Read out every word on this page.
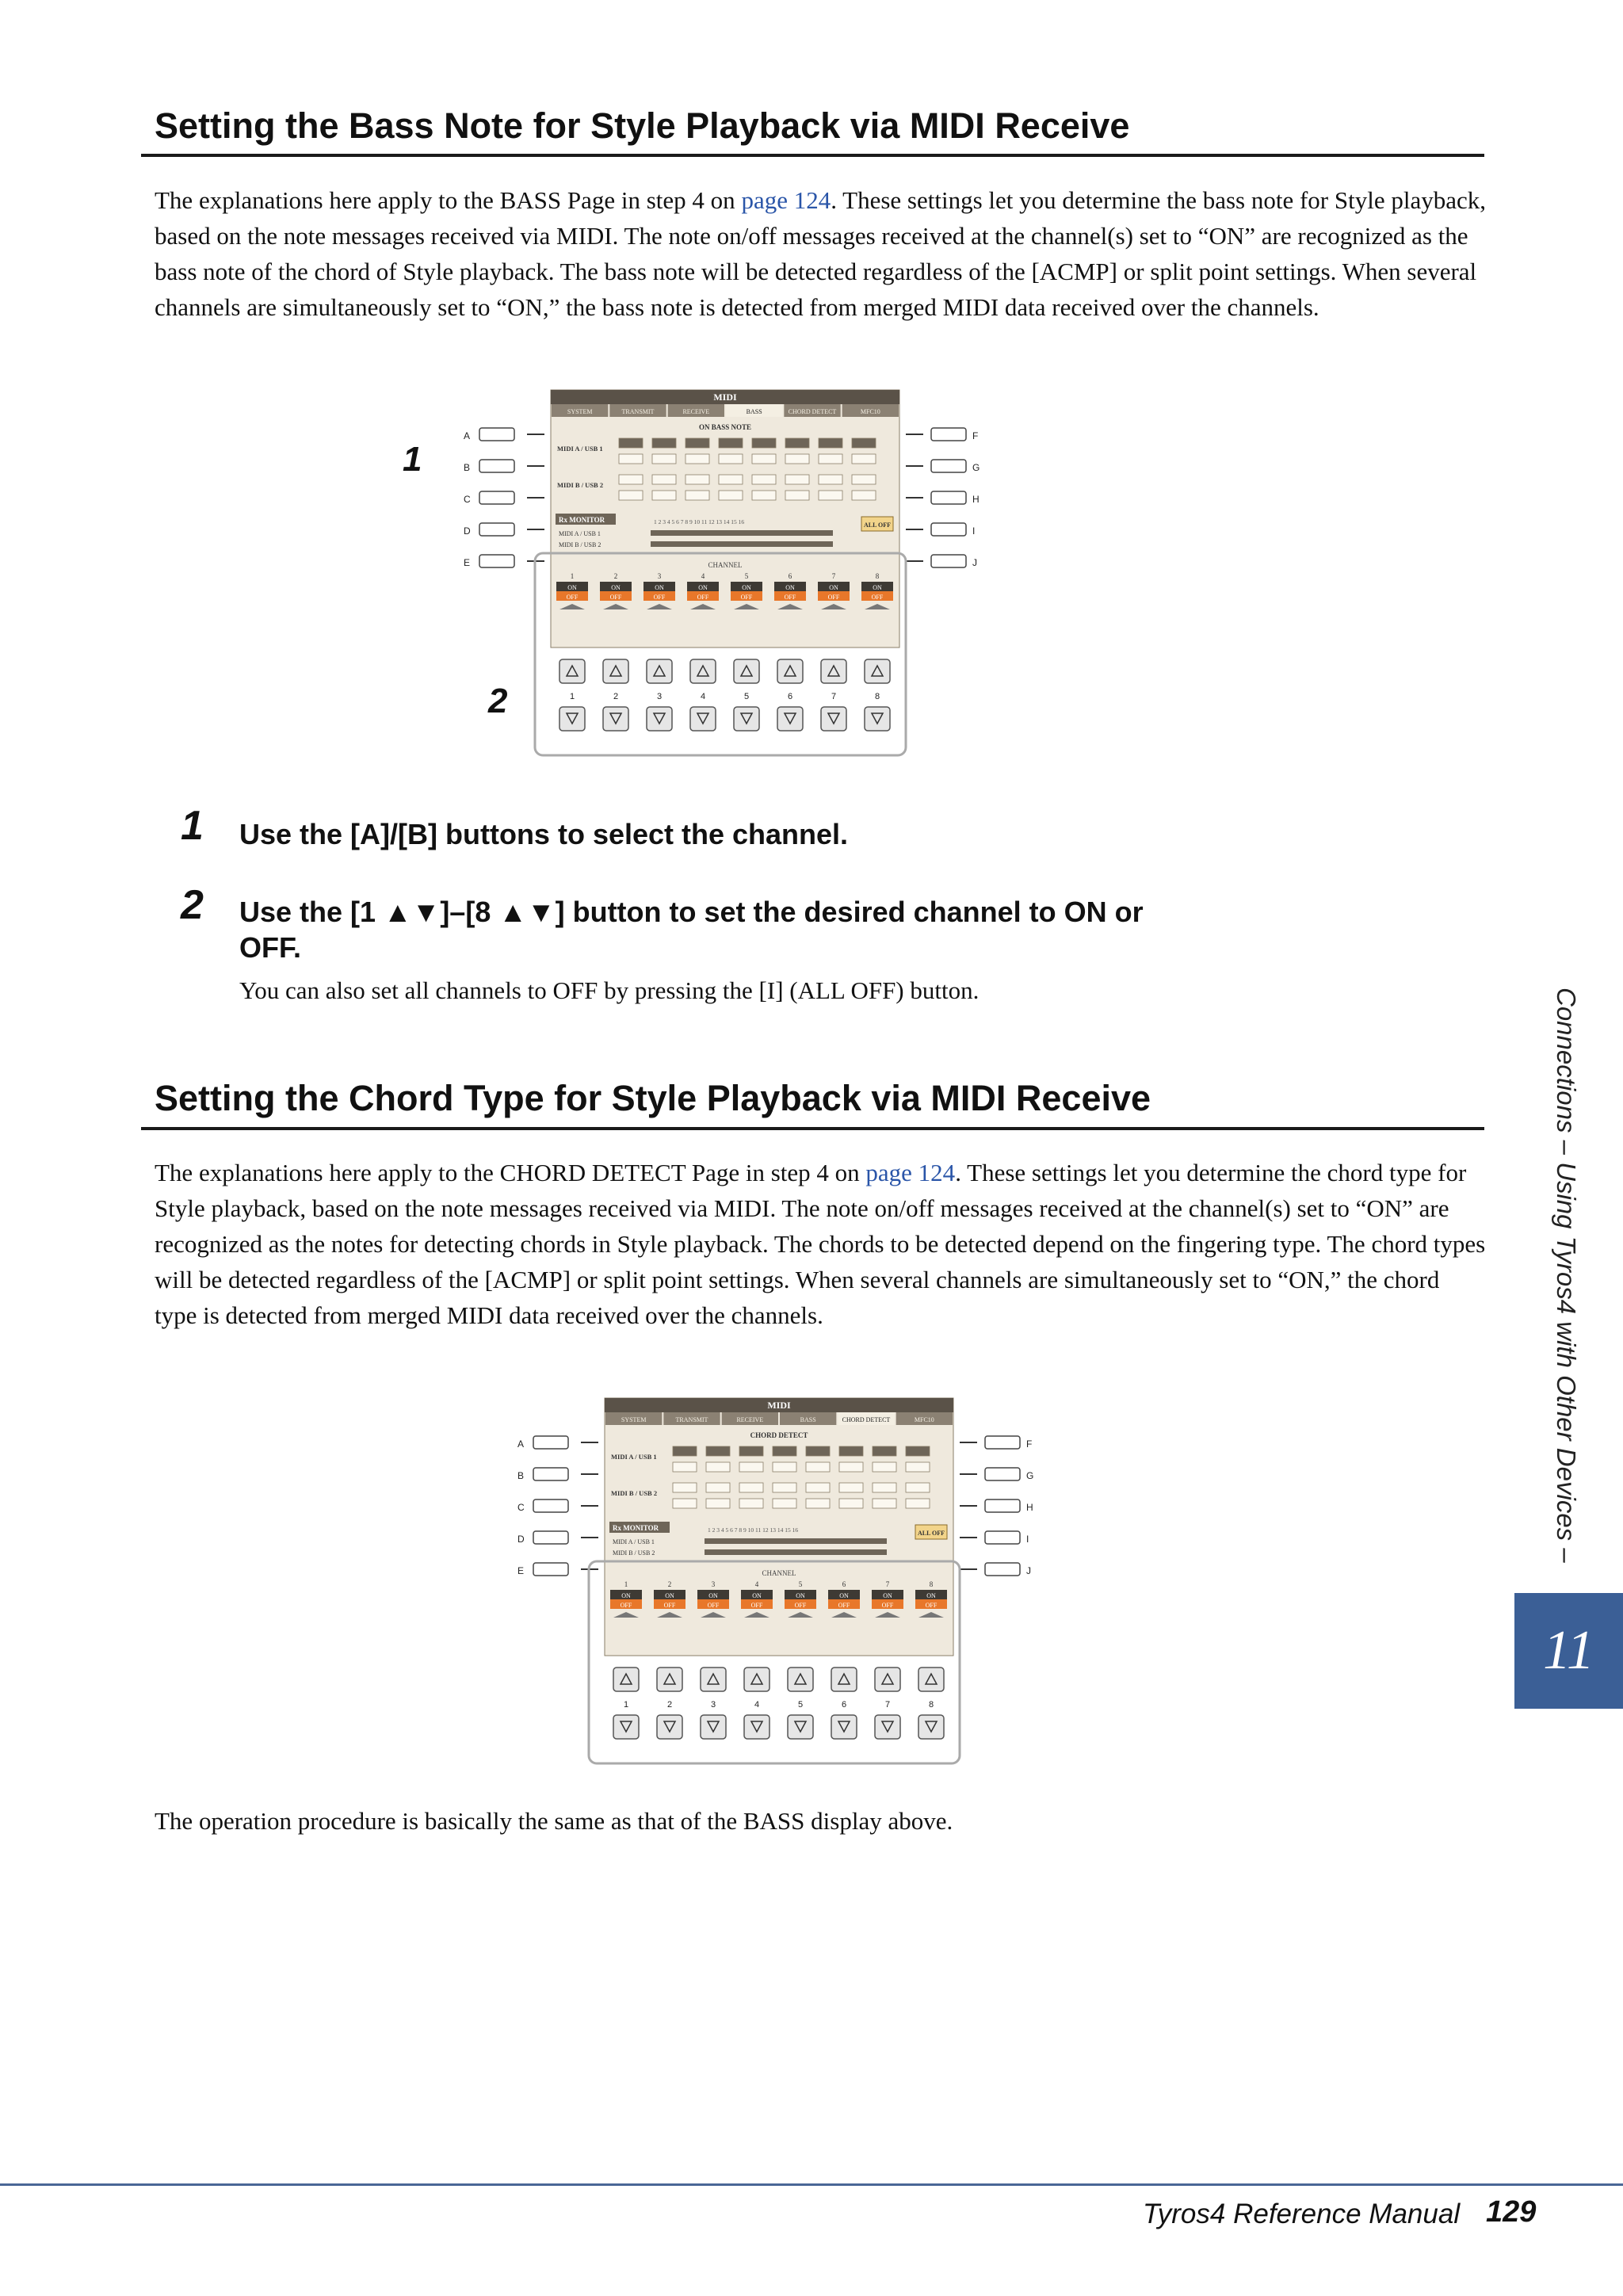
Setting the Bass Note for Style Playback via MIDI Receive

The explanations here apply to the BASS Page in step 4 on page 124. These settings let you determine the bass note for Style playback, based on the note messages received via MIDI. The note on/off messages received at the channel(s) set to “ON” are recognized as the bass note of the chord of Style playback. The bass note will be detected regardless of the [ACMP] or split point settings. When several channels are simultaneously set to “ON,” the bass note is detected from merged MIDI data received over the channels.

A
B
C
D
E
F
G
H
I
J
MIDI
SYSTEM	TRANSMIT	RECEIVE	BASS	CHORD DETECT	MFC10
ON BASS NOTE
MIDI A / USB 1
MIDI B / USB 2
Rx MONITOR	1 2 3 4 5 6 7 8 9 10 11 12 13 14 15 16
MIDI A / USB 1
MIDI B / USB 2
ALL OFF
CHANNEL
1
ON
OFF
1
2
ON
OFF
2
3
ON
OFF
3
4
ON
OFF
4
5
ON
OFF
5
6
ON
OFF
6
7
ON
OFF
7
8
ON
OFF
8
1
2
1 Use the [A]/[B] buttons to select the channel.

2 Use the [1 ▲▼]–[8 ▲▼] button to set the desired channel to ON or OFF.

You can also set all channels to OFF by pressing the [I] (ALL OFF) button.

Setting the Chord Type for Style Playback via MIDI Receive

The explanations here apply to the CHORD DETECT Page in step 4 on page 124. These settings let you determine the chord type for Style playback, based on the note messages received via MIDI. The note on/off messages received at the channel(s) set to “ON” are recognized as the notes for detecting chords in Style playback. The chords to be detected depend on the fingering type. The chord types will be detected regardless of the [ACMP] or split point settings. When several channels are simultaneously set to “ON,” the chord type is detected from merged MIDI data received over the channels.

A
B
C
D
E
F
G
H
I
J
MIDI
SYSTEM	TRANSMIT	RECEIVE	BASS	CHORD DETECT	MFC10
CHORD DETECT
MIDI A / USB 1
MIDI B / USB 2
Rx MONITOR	1 2 3 4 5 6 7 8 9 10 11 12 13 14 15 16
MIDI A / USB 1
MIDI B / USB 2
ALL OFF
CHANNEL
1
ON
OFF
1
2
ON
OFF
2
3
ON
OFF
3
4
ON
OFF
4
5
ON
OFF
5
6
ON
OFF
6
7
ON
OFF
7
8
ON
OFF
8

The operation procedure is basically the same as that of the BASS display above.

Connections – Using Tyros4 with Other Devices –
11
Tyros4 Reference Manual 129
